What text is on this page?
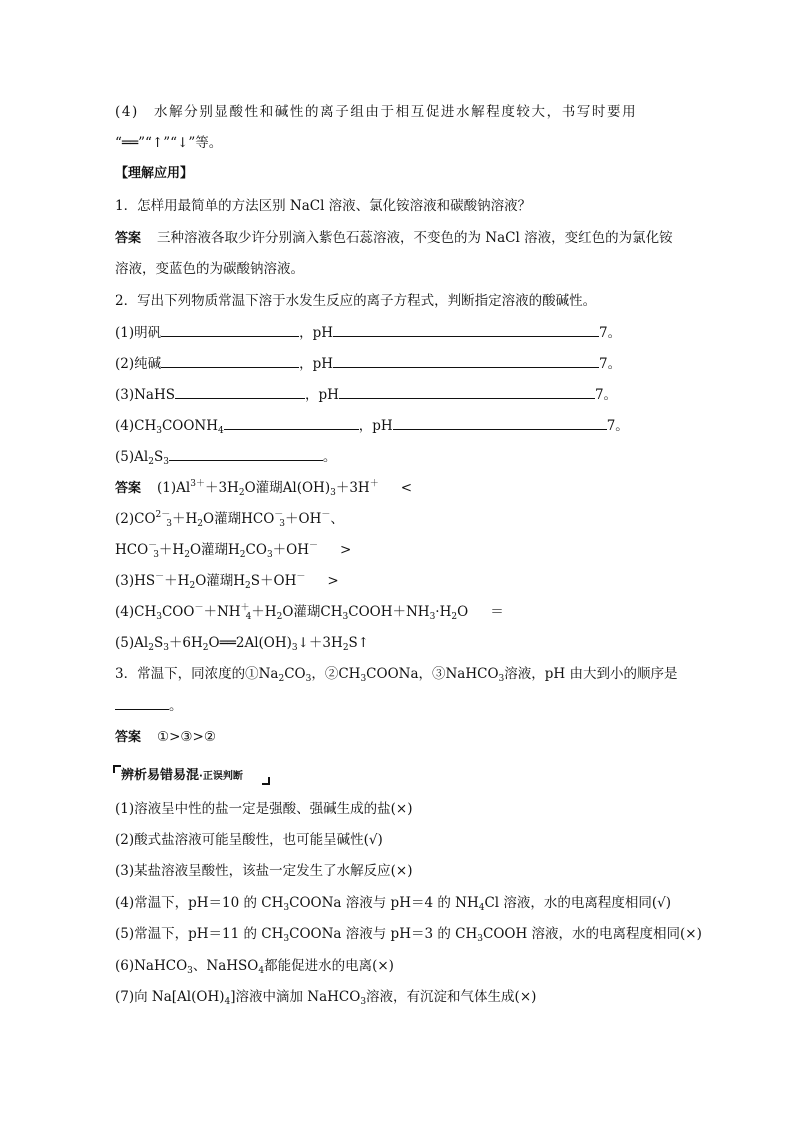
(4)　水解分别显酸性和碱性的离子组由于相互促进水解程度较大，书写时要用
“══”“↑”“↓”等。
【理解应用】
1．怎样用最简单的方法区别 NaCl 溶液、氯化铵溶液和碳酸钠溶液？
答案 三种溶液各取少许分别滴入紫色石蕊溶液，不变色的为 NaCl 溶液，变红色的为氯化铵
溶液，变蓝色的为碳酸钠溶液。
2．写出下列物质常温下溶于水发生反应的离子方程式，判断指定溶液的酸碱性。
(1)明矾	，pH	7。
(2)纯碱	，pH	7。
(3)NaHS	，pH	7。
$(4)CH_3COONH_4$	，pH	7。
$(5)Al_2S_3$	。
答案 $(1)Al^{3+}+3H_2O$灌瑚$Al(OH)_3+3H^+$ <
$(2)CO^{2-}_3+H_2O$灌瑚$HCO^-_3+OH^-$、
$HCO^-_3+H_2O$灌瑚$H_2CO_3+OH^-$ >
$(3)HS^-+H_2O$灌瑚$H_2S+OH^-$ >
$(4)CH_3COO^-+NH^+_4+H_2O$灌瑚$CH_3COOH+NH_3\cdot H_2O$ ＝
$(5)Al_2S_3+6H_2O══2Al(OH)_3↓+3H_2S↑$
3．常温下，同浓度的$①Na_2CO_3$，$②CH_3COONa$，③NaHCO$_3$溶液，pH 由大到小的顺序是
。
答案 ①>③>②
辨析易错易混·正误判断
(1)溶液呈中性的盐一定是强酸、强碱生成的盐(×)
(2)酸式盐溶液可能呈酸性，也可能呈碱性(√)
(3)某盐溶液呈酸性，该盐一定发生了水解反应(×)
(4)常温下，pH＝10 的 $CH_3COONa$ 溶液与 pH＝4 的 $NH_4Cl$ 溶液，水的电离程度相同(√)
(5)常温下，pH＝11 的 $CH_3COONa$ 溶液与 pH＝3 的 $CH_3COOH$ 溶液，水的电离程度相同(×)
(6)NaHCO$_3$、NaHSO$_4$都能促进水的电离(×)
(7)向 $Na[Al(OH)_4]$溶液中滴加 NaHCO$_3$溶液，有沉淀和气体生成(×)
